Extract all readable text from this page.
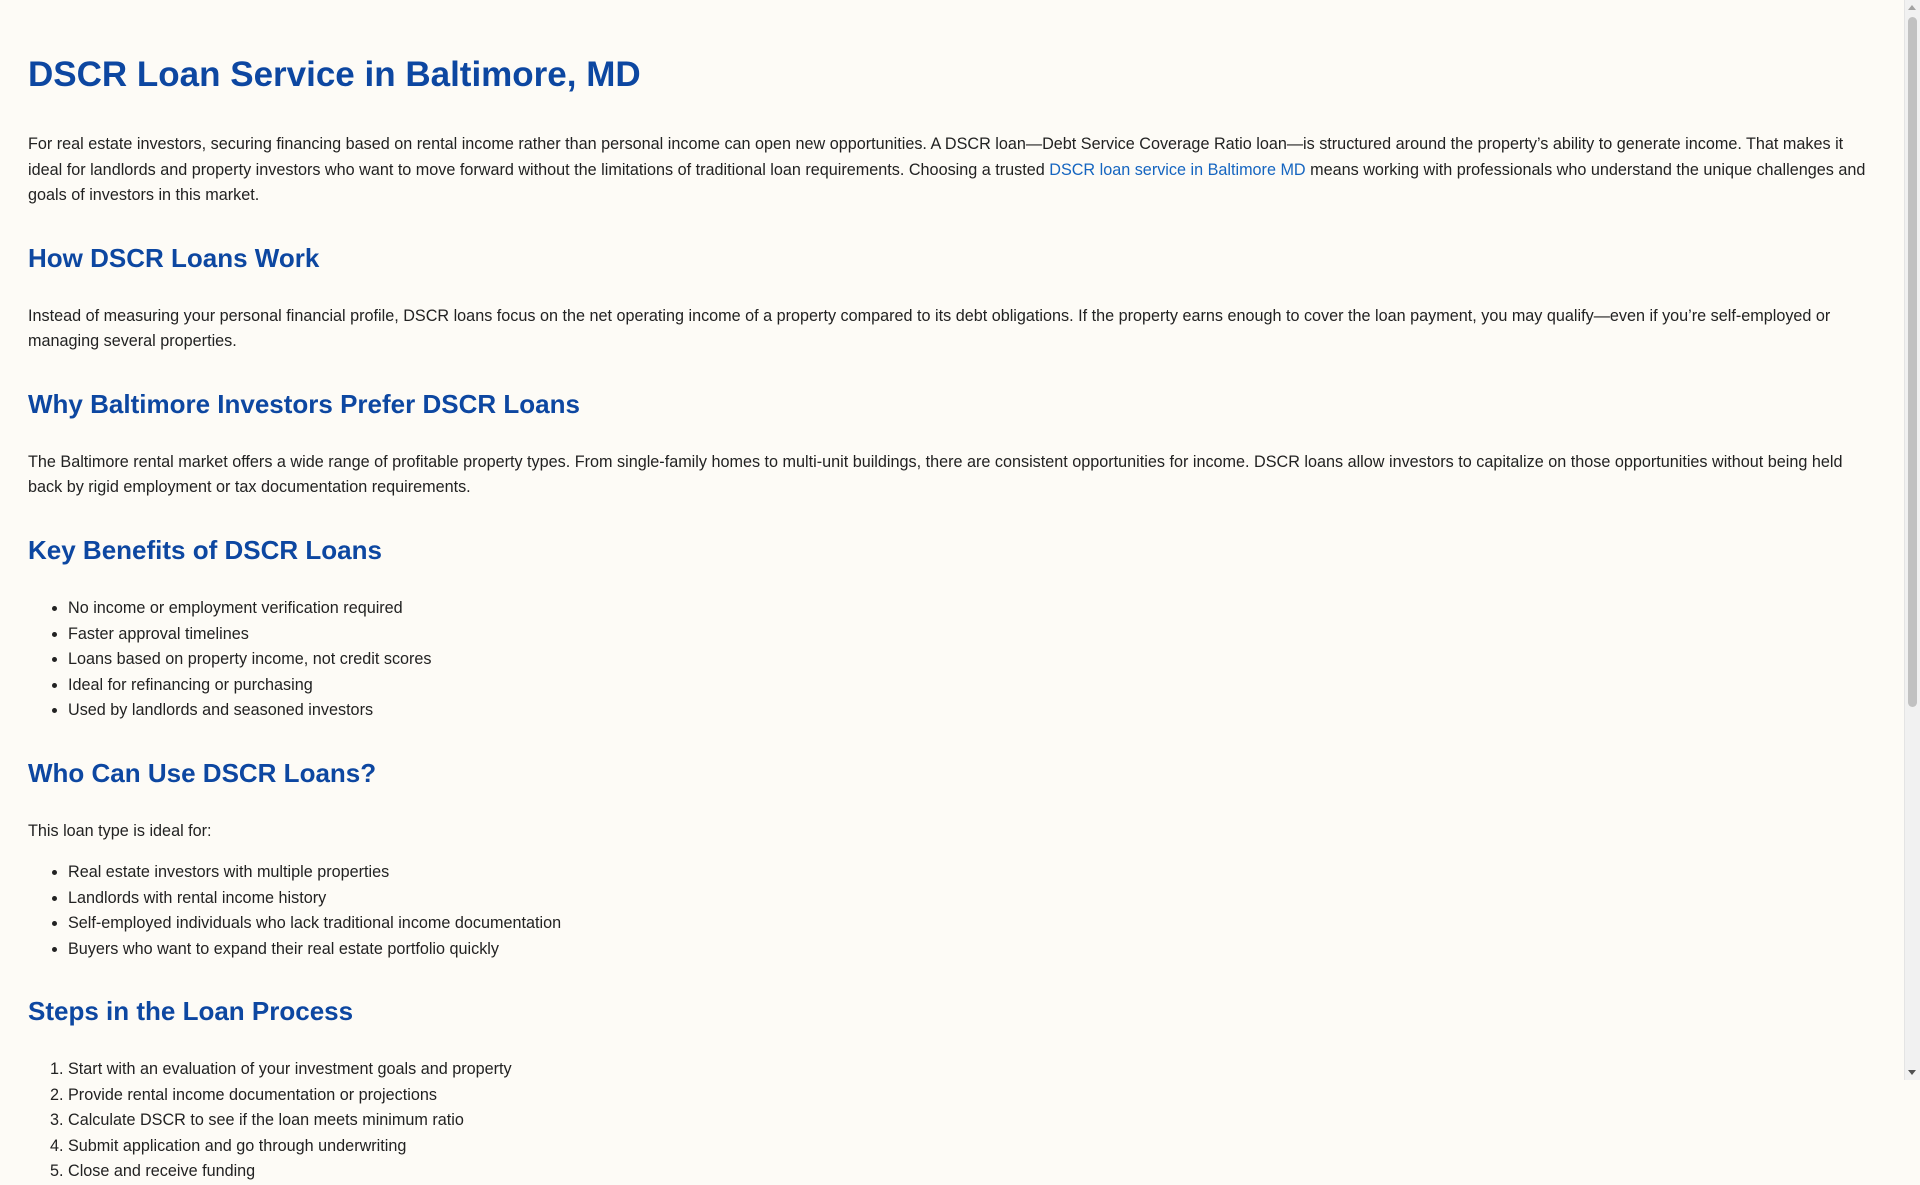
DSCR Loan Service in Baltimore, MD

For real estate investors, securing financing based on rental income rather than personal income can open new opportunities. A DSCR loan—Debt Service Coverage Ratio loan—is structured around the property’s ability to generate income. That makes it ideal for landlords and property investors who want to move forward without the limitations of traditional loan requirements. Choosing a trusted DSCR loan service in Baltimore MD means working with professionals who understand the unique challenges and goals of investors in this market.

How DSCR Loans Work

Instead of measuring your personal financial profile, DSCR loans focus on the net operating income of a property compared to its debt obligations. If the property earns enough to cover the loan payment, you may qualify—even if you’re self-employed or managing several properties.

Why Baltimore Investors Prefer DSCR Loans

The Baltimore rental market offers a wide range of profitable property types. From single-family homes to multi-unit buildings, there are consistent opportunities for income. DSCR loans allow investors to capitalize on those opportunities without being held back by rigid employment or tax documentation requirements.

Key Benefits of DSCR Loans
• No income or employment verification required
• Faster approval timelines
• Loans based on property income, not credit scores
• Ideal for refinancing or purchasing
• Used by landlords and seasoned investors
Who Can Use DSCR Loans?

This loan type is ideal for:

• Real estate investors with multiple properties
• Landlords with rental income history
• Self-employed individuals who lack traditional income documentation
• Buyers who want to expand their real estate portfolio quickly
Steps in the Loan Process
1. Start with an evaluation of your investment goals and property
2. Provide rental income documentation or projections
3. Calculate DSCR to see if the loan meets minimum ratio
4. Submit application and go through underwriting
5. Close and receive funding
